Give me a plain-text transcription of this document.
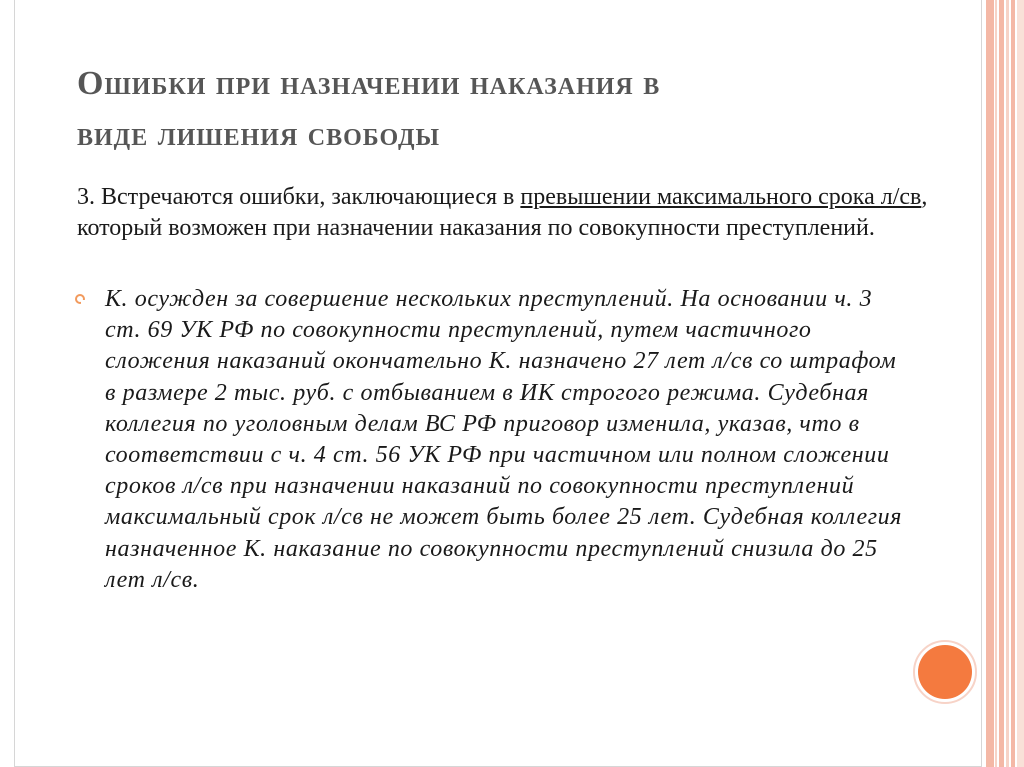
Ошибки при назначении наказания в
виде лишения свободы

3. Встречаются ошибки, заключающиеся в превышении максимального срока л/св, который возможен при назначении наказания по совокупности преступлений.

К. осужден за совершение нескольких преступлений. На основании ч. 3 ст. 69 УК РФ по совокупности преступлений, путем частичного сложения наказаний окончательно К. назначено 27 лет л/св со штрафом в размере 2 тыс. руб. с отбыванием в ИК строгого режима. Судебная коллегия по уголовным делам ВС РФ приговор изменила, указав, что в соответствии с ч. 4 ст. 56 УК РФ при частичном или полном сложении сроков л/св при назначении наказаний по совокупности преступлений максимальный срок л/св не может быть более 25 лет. Судебная коллегия назначенное К. наказание по совокупности преступлений снизила до 25 лет л/св.
